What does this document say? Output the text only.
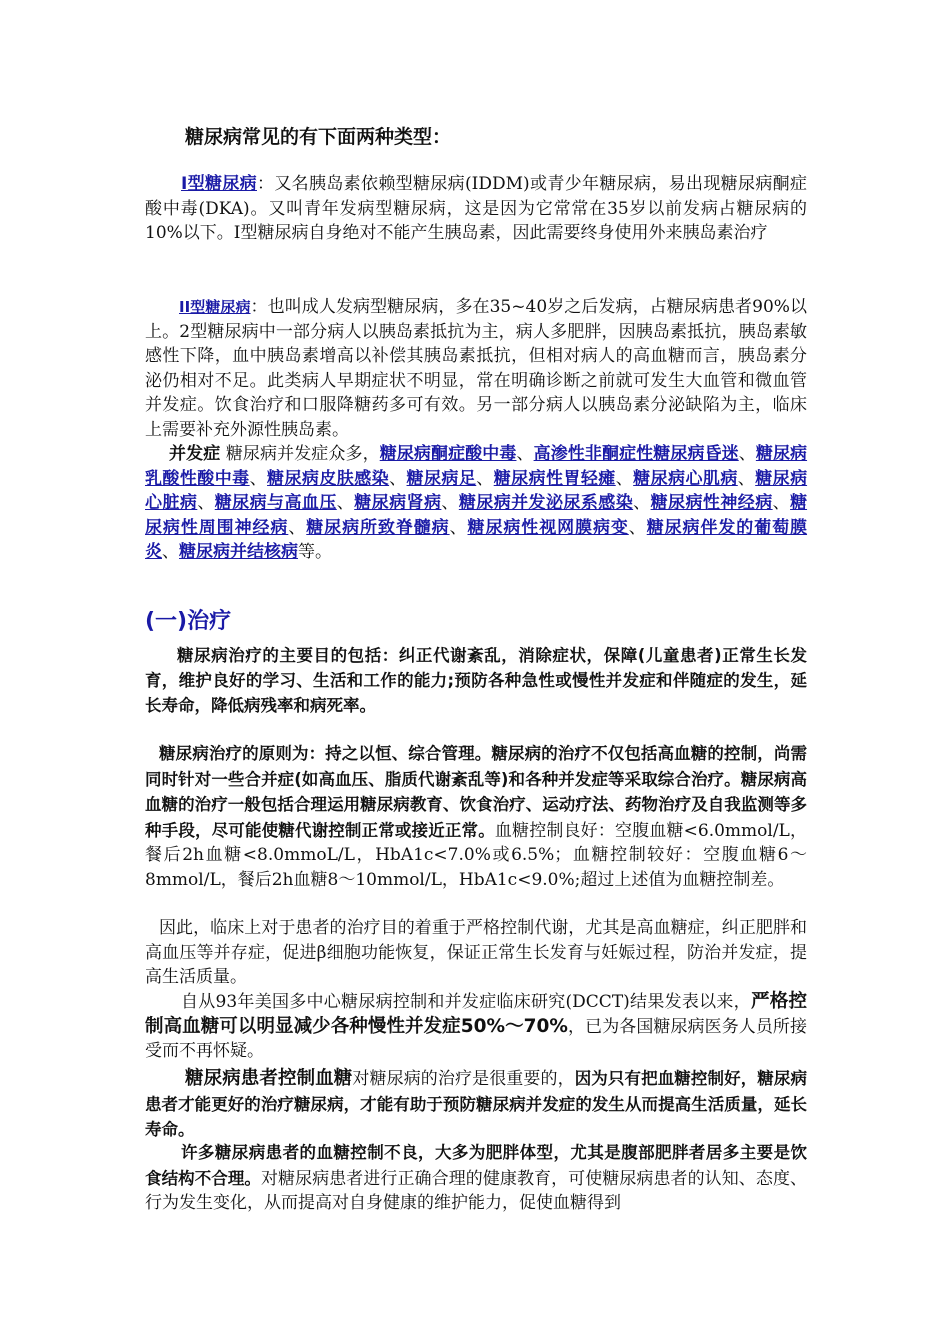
糖尿病常见的有下面两种类型：

Ⅰ型糖尿病：又名胰岛素依赖型糖尿病(IDDM)或青少年糖尿病，易出现糖尿病酮症酸中毒(DKA)。又叫青年发病型糖尿病，这是因为它常常在35岁以前发病占糖尿病的10%以下。Ⅰ型糖尿病自身绝对不能产生胰岛素，因此需要终身使用外来胰岛素治疗

II型糖尿病：也叫成人发病型糖尿病，多在35~40岁之后发病，占糖尿病患者90%以上。2型糖尿病中一部分病人以胰岛素抵抗为主，病人多肥胖，因胰岛素抵抗，胰岛素敏感性下降，血中胰岛素增高以补偿其胰岛素抵抗，但相对病人的高血糖而言，胰岛素分泌仍相对不足。此类病人早期症状不明显，常在明确诊断之前就可发生大血管和微血管并发症。饮食治疗和口服降糖药多可有效。另一部分病人以胰岛素分泌缺陷为主，临床上需要补充外源性胰岛素。

并发症 糖尿病并发症众多，糖尿病酮症酸中毒、高渗性非酮症性糖尿病昏迷、糖尿病乳酸性酸中毒、糖尿病皮肤感染、糖尿病足、糖尿病性胃轻瘫、糖尿病心肌病、糖尿病心脏病、糖尿病与高血压、糖尿病肾病、糖尿病并发泌尿系感染、糖尿病性神经病、糖尿病性周围神经病、糖尿病所致脊髓病、糖尿病性视网膜病变、糖尿病伴发的葡萄膜炎、糖尿病并结核病等。

(一)治疗

糖尿病治疗的主要目的包括：纠正代谢紊乱，消除症状，保障(儿童患者)正常生长发育，维护良好的学习、生活和工作的能力;预防各种急性或慢性并发症和伴随症的发生，延长寿命，降低病残率和病死率。

糖尿病治疗的原则为：持之以恒、综合管理。糖尿病的治疗不仅包括高血糖的控制，尚需同时针对一些合并症(如高血压、脂质代谢紊乱等)和各种并发症等采取综合治疗。糖尿病高血糖的治疗一般包括合理运用糖尿病教育、饮食治疗、运动疗法、药物治疗及自我监测等多种手段，尽可能使糖代谢控制正常或接近正常。血糖控制良好：空腹血糖<6.0mmol/L，餐后2h血糖<8.0mmoL/L，HbA1c<7.0%或6.5%；血糖控制较好：空腹血糖6～8mmol/L，餐后2h血糖8～10mmol/L，HbA1c<9.0%;超过上述值为血糖控制差。

因此，临床上对于患者的治疗目的着重于严格控制代谢，尤其是高血糖症，纠正肥胖和高血压等并存症，促进β细胞功能恢复，保证正常生长发育与妊娠过程，防治并发症，提高生活质量。

自从93年美国多中心糖尿病控制和并发症临床研究(DCCT)结果发表以来，严格控制高血糖可以明显减少各种慢性并发症50%～70%，已为各国糖尿病医务人员所接受而不再怀疑。

糖尿病患者控制血糖对糖尿病的治疗是很重要的，因为只有把血糖控制好，糖尿病患者才能更好的治疗糖尿病，才能有助于预防糖尿病并发症的发生从而提高生活质量，延长寿命。

许多糖尿病患者的血糖控制不良，大多为肥胖体型，尤其是腹部肥胖者居多主要是饮食结构不合理。对糖尿病患者进行正确合理的健康教育，可使糖尿病患者的认知、态度、行为发生变化，从而提高对自身健康的维护能力，促使血糖得到
